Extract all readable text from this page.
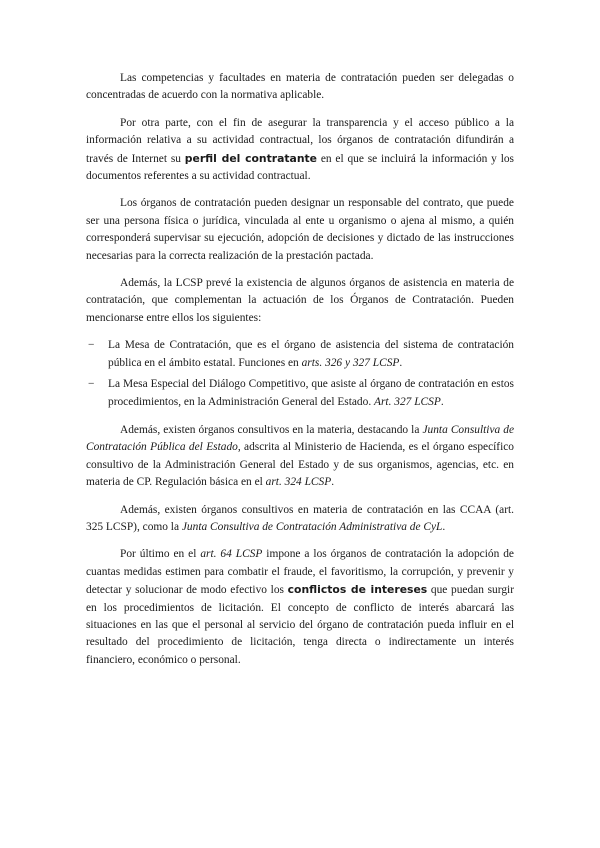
Las competencias y facultades en materia de contratación pueden ser delegadas o concentradas de acuerdo con la normativa aplicable.

Por otra parte, con el fin de asegurar la transparencia y el acceso público a la información relativa a su actividad contractual, los órganos de contratación difundirán a través de Internet su perfil del contratante en el que se incluirá la información y los documentos referentes a su actividad contractual.

Los órganos de contratación pueden designar un responsable del contrato, que puede ser una persona física o jurídica, vinculada al ente u organismo o ajena al mismo, a quién corresponderá supervisar su ejecución, adopción de decisiones y dictado de las instrucciones necesarias para la correcta realización de la prestación pactada.

Además, la LCSP prevé la existencia de algunos órganos de asistencia en materia de contratación, que complementan la actuación de los Órganos de Contratación. Pueden mencionarse entre ellos los siguientes:

− La Mesa de Contratación, que es el órgano de asistencia del sistema de contratación pública en el ámbito estatal. Funciones en arts. 326 y 327 LCSP.
− La Mesa Especial del Diálogo Competitivo, que asiste al órgano de contratación en estos procedimientos, en la Administración General del Estado. Art. 327 LCSP.

Además, existen órganos consultivos en la materia, destacando la Junta Consultiva de Contratación Pública del Estado, adscrita al Ministerio de Hacienda, es el órgano específico consultivo de la Administración General del Estado y de sus organismos, agencias, etc. en materia de CP. Regulación básica en el art. 324 LCSP.

Además, existen órganos consultivos en materia de contratación en las CCAA (art. 325 LCSP), como la Junta Consultiva de Contratación Administrativa de CyL.

Por último en el art. 64 LCSP impone a los órganos de contratación la adopción de cuantas medidas estimen para combatir el fraude, el favoritismo, la corrupción, y prevenir y detectar y solucionar de modo efectivo los conflictos de intereses que puedan surgir en los procedimientos de licitación. El concepto de conflicto de interés abarcará las situaciones en las que el personal al servicio del órgano de contratación pueda influir en el resultado del procedimiento de licitación, tenga directa o indirectamente un interés financiero, económico o personal.
